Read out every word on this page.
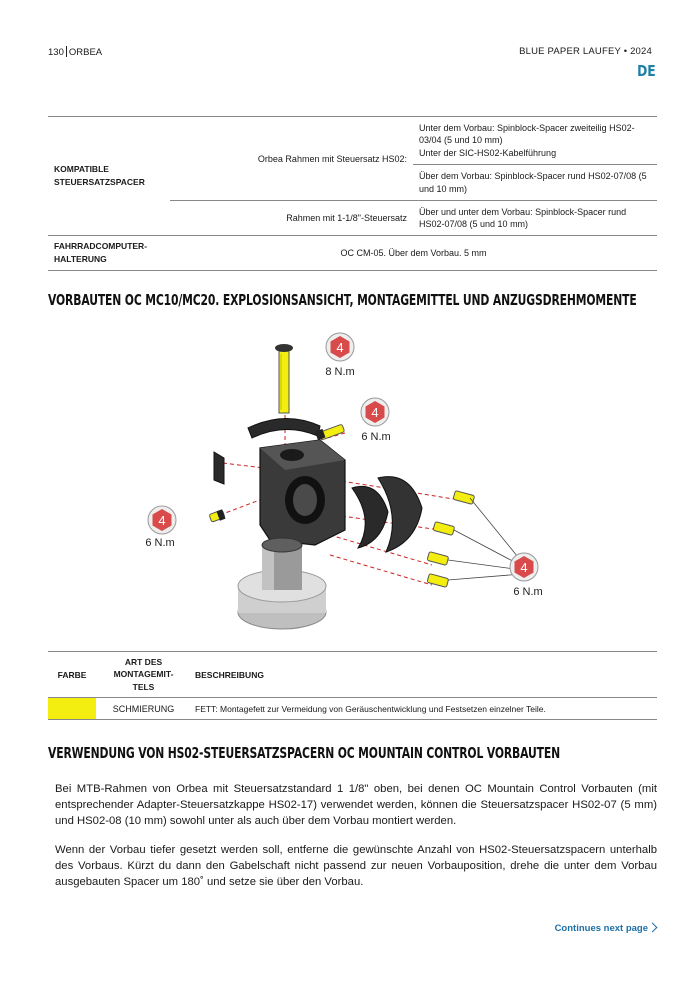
130 ORBEA	BLUE PAPER LAUFEY • 2024
DE
KOMPATIBLE STEUERSATZSPACER	Orbea Rahmen mit Steuersatz HS02:	Unter dem Vorbau: Spinblock-Spacer zweiteilig HS02-03/04 (5 und 10 mm)
Unter der SIC-HS02-Kabelführung

		Über dem Vorbau: Spinblock-Spacer rund HS02-07/08 (5 und 10 mm)
	Rahmen mit 1-1/8"-Steuersatz	Über und unter dem Vorbau: Spinblock-Spacer rund HS02-07/08 (5 und 10 mm)

FAHRRADCOMPUTER-HALTERUNG	OC CM-05. Über dem Vorbau. 5 mm	
VORBAUTEN OC MC10/MC20. EXPLOSIONSANSICHT, MONTAGEMITTEL UND ANZUGSDREHMOMENTE
4
8 N.m
4
6 N.m
4
6 N.m
4
6 N.m
FARBE	ART DES MONTAGEMIT-TELS	BESCHREIBUNG
	SCHMIERUNG	FETT: Montagefett zur Vermeidung von Geräuschentwicklung und Festsetzen einzelner Teile.
VERWENDUNG VON HS02-STEUERSATZSPACERN OC MOUNTAIN CONTROL VORBAUTEN

Bei MTB-Rahmen von Orbea mit Steuersatzstandard 1 1/8" oben, bei denen OC Mountain Control Vorbauten (mit entsprechender Adapter-Steuersatzkappe HS02-17) verwendet werden, können die Steuersatzspacer HS02-07 (5 mm) und HS02-08 (10 mm) sowohl unter als auch über dem Vorbau montiert werden.

Wenn der Vorbau tiefer gesetzt werden soll, entferne die gewünschte Anzahl von HS02-Steuersatzspacern unterhalb des Vorbaus. Kürzt du dann den Gabelschaft nicht passend zur neuen Vorbauposition, drehe die unter dem Vorbau ausgebauten Spacer um 180˚ und setze sie über den Vorbau.

Continues next page
